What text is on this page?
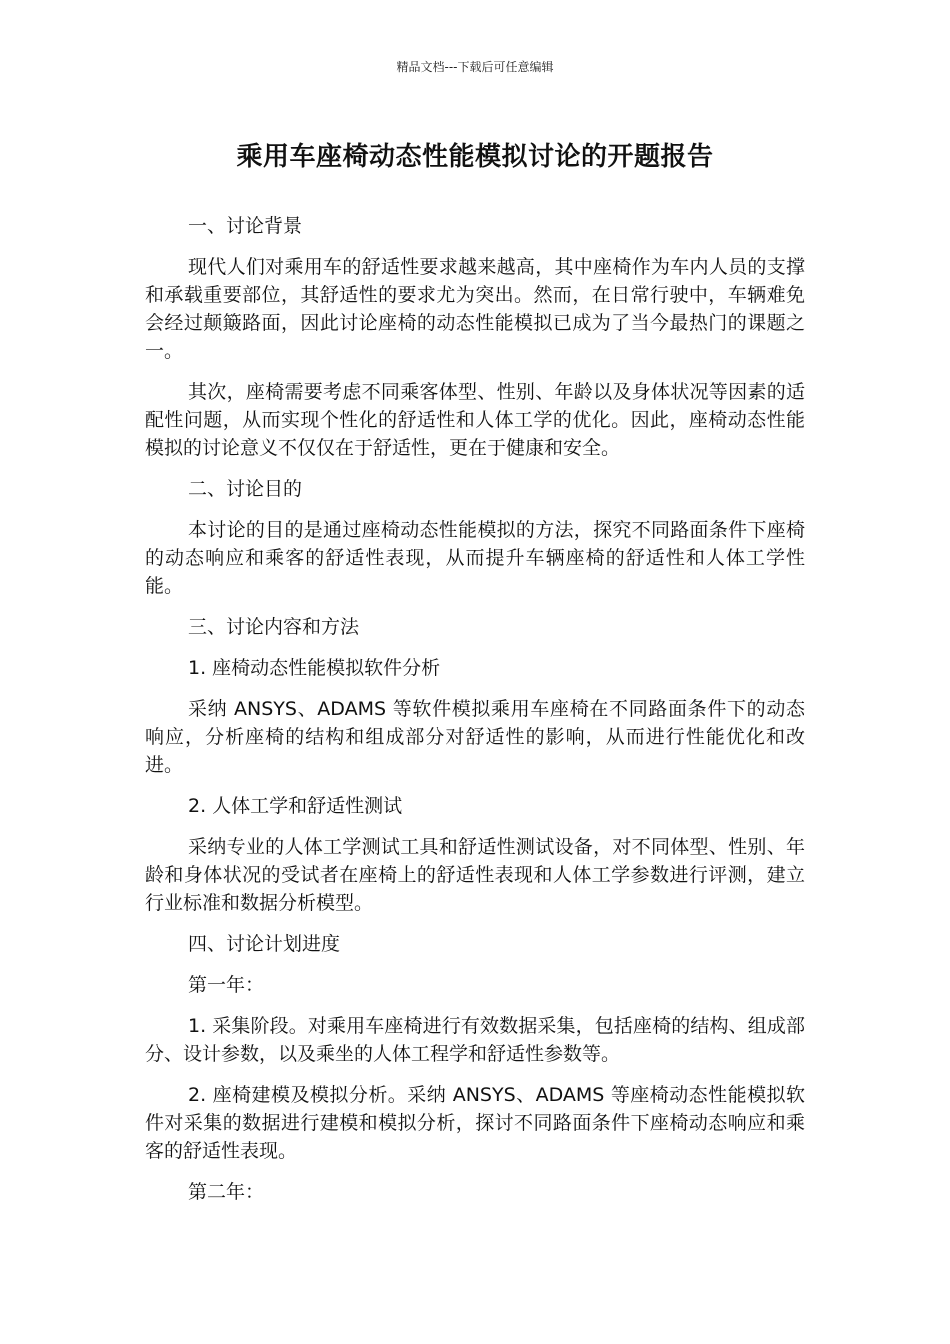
精品文档---下载后可任意编辑
乘用车座椅动态性能模拟讨论的开题报告
一、讨论背景
现代人们对乘用车的舒适性要求越来越高，其中座椅作为车内人员的支撑和承载重要部位，其舒适性的要求尤为突出。然而，在日常行驶中，车辆难免会经过颠簸路面，因此讨论座椅的动态性能模拟已成为了当今最热门的课题之一。
其次，座椅需要考虑不同乘客体型、性别、年龄以及身体状况等因素的适配性问题，从而实现个性化的舒适性和人体工学的优化。因此，座椅动态性能模拟的讨论意义不仅仅在于舒适性，更在于健康和安全。
二、讨论目的
本讨论的目的是通过座椅动态性能模拟的方法，探究不同路面条件下座椅的动态响应和乘客的舒适性表现，从而提升车辆座椅的舒适性和人体工学性能。
三、讨论内容和方法
1. 座椅动态性能模拟软件分析
采纳 ANSYS、ADAMS 等软件模拟乘用车座椅在不同路面条件下的动态响应，分析座椅的结构和组成部分对舒适性的影响，从而进行性能优化和改进。
2. 人体工学和舒适性测试
采纳专业的人体工学测试工具和舒适性测试设备，对不同体型、性别、年龄和身体状况的受试者在座椅上的舒适性表现和人体工学参数进行评测，建立行业标准和数据分析模型。
四、讨论计划进度
第一年：
1. 采集阶段。对乘用车座椅进行有效数据采集，包括座椅的结构、组成部分、设计参数，以及乘坐的人体工程学和舒适性参数等。
2. 座椅建模及模拟分析。采纳 ANSYS、ADAMS 等座椅动态性能模拟软件对采集的数据进行建模和模拟分析，探讨不同路面条件下座椅动态响应和乘客的舒适性表现。
第二年：
